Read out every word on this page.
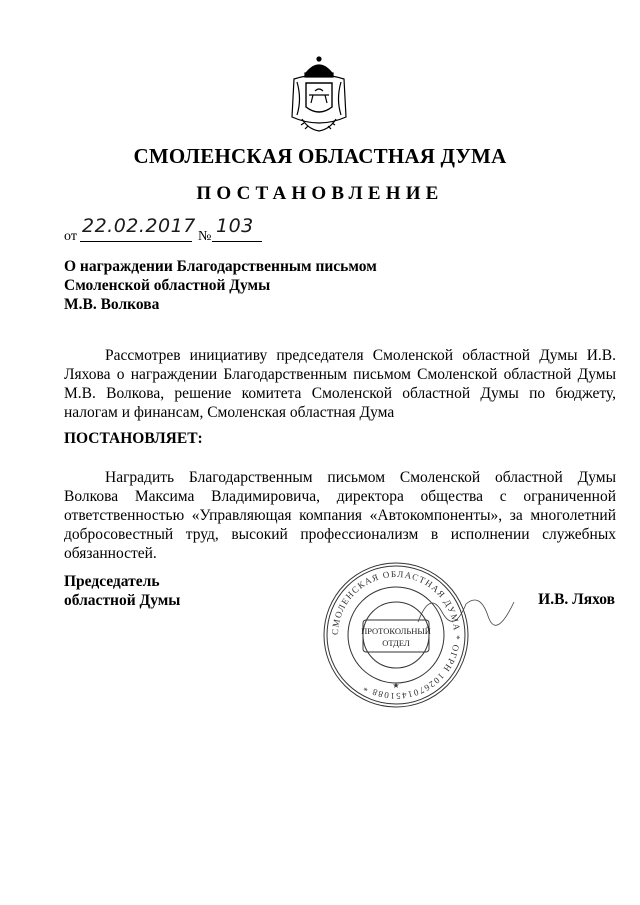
СМОЛЕНСКАЯ ОБЛАСТНАЯ ДУМА
ПОСТАНОВЛЕНИЕ
от 22.02.2017 № 103
О награждении Благодарственным письмом
Смоленской областной Думы
М.В. Волкова
Рассмотрев инициативу председателя Смоленской областной Думы И.В. Ляхова о награждении Благодарственным письмом Смоленской областной Думы М.В. Волкова, решение комитета Смоленской областной Думы по бюджету, налогам и финансам, Смоленская областная Дума
ПОСТАНОВЛЯЕТ:
Наградить Благодарственным письмом Смоленской областной Думы Волкова Максима Владимировича, директора общества с ограниченной ответственностью «Управляющая компания «Автокомпоненты», за многолетний добросовестный труд, высокий профессионализм в исполнении служебных обязанностей.
Председатель
областной Думы
СМОЛЕНСКАЯ ОБЛАСТНАЯ ДУМА * ОГРН 1026701451088 *
ПРОТОКОЛЬНЫЙ
ОТДЕЛ
★
И.В. Ляхов
